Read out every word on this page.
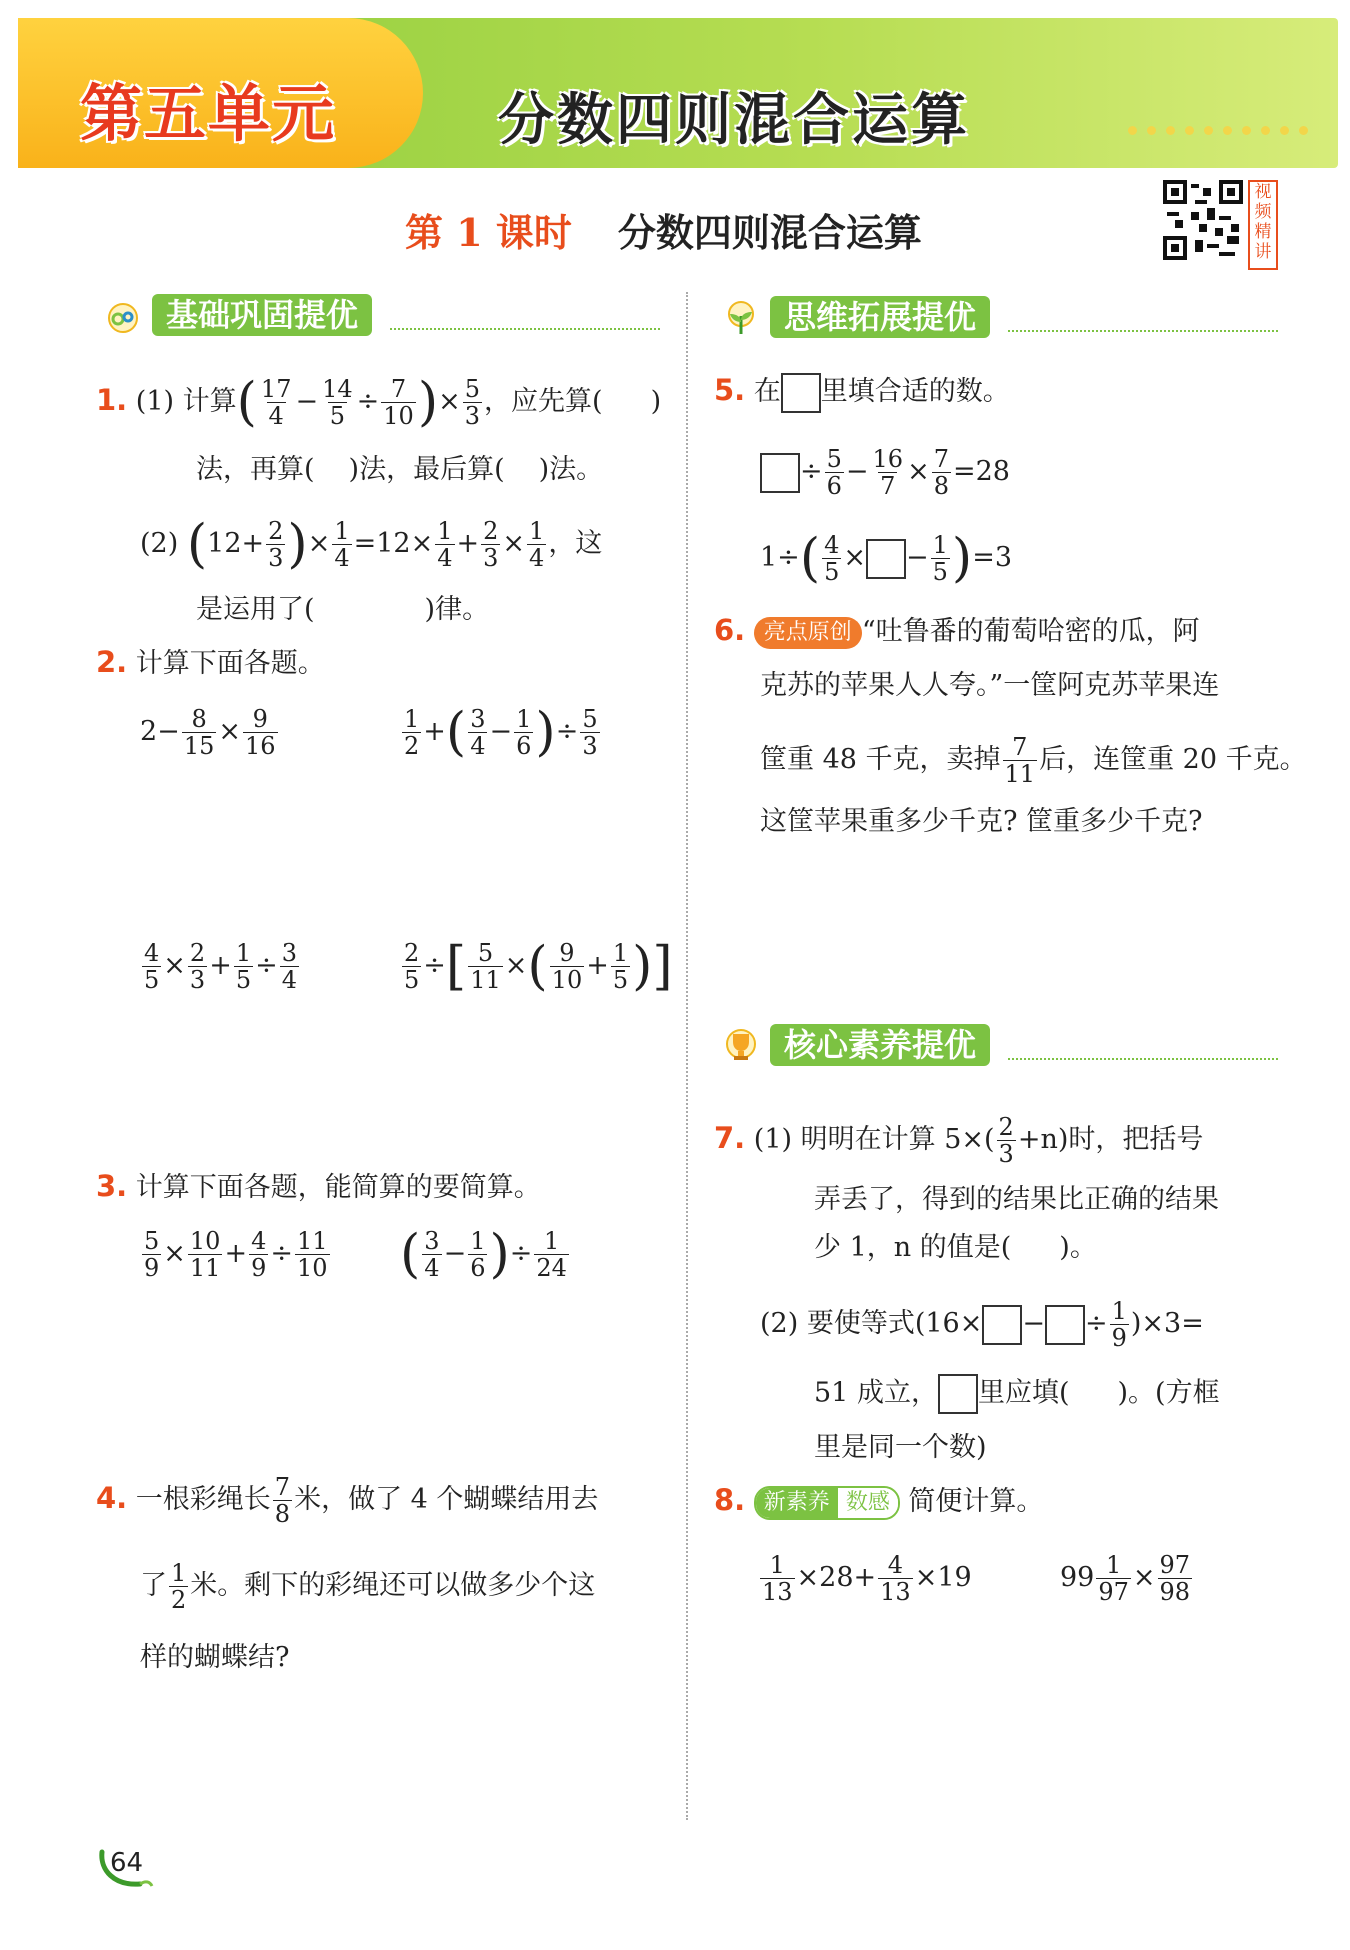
第五单元	分数四则混合运算
第 1 课时 分数四则混合运算
视频精讲
基础巩固提优	思维拓展提优
核心素养提优
1. (1) 计算( $\frac{17}{4} - \frac{14}{5} \div \frac{7}{10}$ )× $\frac{5}{3}$ ，应先算( )
法，再算( )法，最后算( )法。
(2) ($12+ \frac{2}{3}$ )× $\frac{1}{4} =12\times \frac{1}{4} + \frac{2}{3} \times \frac{1}{4}$ ，这
是运用了(	)律。
2. 计算下面各题。
$2- \frac{8}{15} \times \frac{9}{16}$	$\frac{1}{2}$ +( $\frac{3}{4} - \frac{1}{6}$ )÷ $\frac{5}{3}$
$\frac{4}{5} \times \frac{2}{3} + \frac{1}{5} \div \frac{3}{4}$	$\frac{2}{5}$ ÷[ $\frac{5}{11}$ ×( $\frac{9}{10} + \frac{1}{5}$ )]
3. 计算下面各题，能简算的要简算。
$\frac{5}{9} \times \frac{10}{11} + \frac{4}{9} \div \frac{11}{10}$ ( $\frac{3}{4} - \frac{1}{6}$ )÷ $\frac{1}{24}$
4. 一根彩绳长 $\frac{7}{8}$ 米，做了 4 个蝴蝶结用去
了 $\frac{1}{2}$ 米。剩下的彩绳还可以做多少个这
样的蝴蝶结?
5. 在 里填合适的数。
÷ $\frac{5}{6} - \frac{16}{7} \times \frac{7}{8} =28$
$1\div( \frac{4}{5}$ × − $\frac{1}{5} )=3$
6. 亮点原创 “吐鲁番的葡萄哈密的瓜，阿
克苏的苹果人人夸。”一筐阿克苏苹果连
筐重 48 千克，卖掉 $\frac{7}{11}$ 后，连筐重 20 千克。
这筐苹果重多少千克? 筐重多少千克?
7. (1) 明明在计算 $5\times( \frac{2}{3} +n)$时，把括号
弄丢了，得到的结果比正确的结果
少 1，n 的值是( )。
(2) 要使等式(16× − ÷ $\frac{1}{9} )\times 3=$
51 成立， 里应填( )。(方框
里是同一个数)
8. 新素养 数感 简便计算。
$\frac{1}{13} \times 28+ \frac{4}{13} \times 19$	$99 \frac{1}{97} \times \frac{97}{98}$
64
